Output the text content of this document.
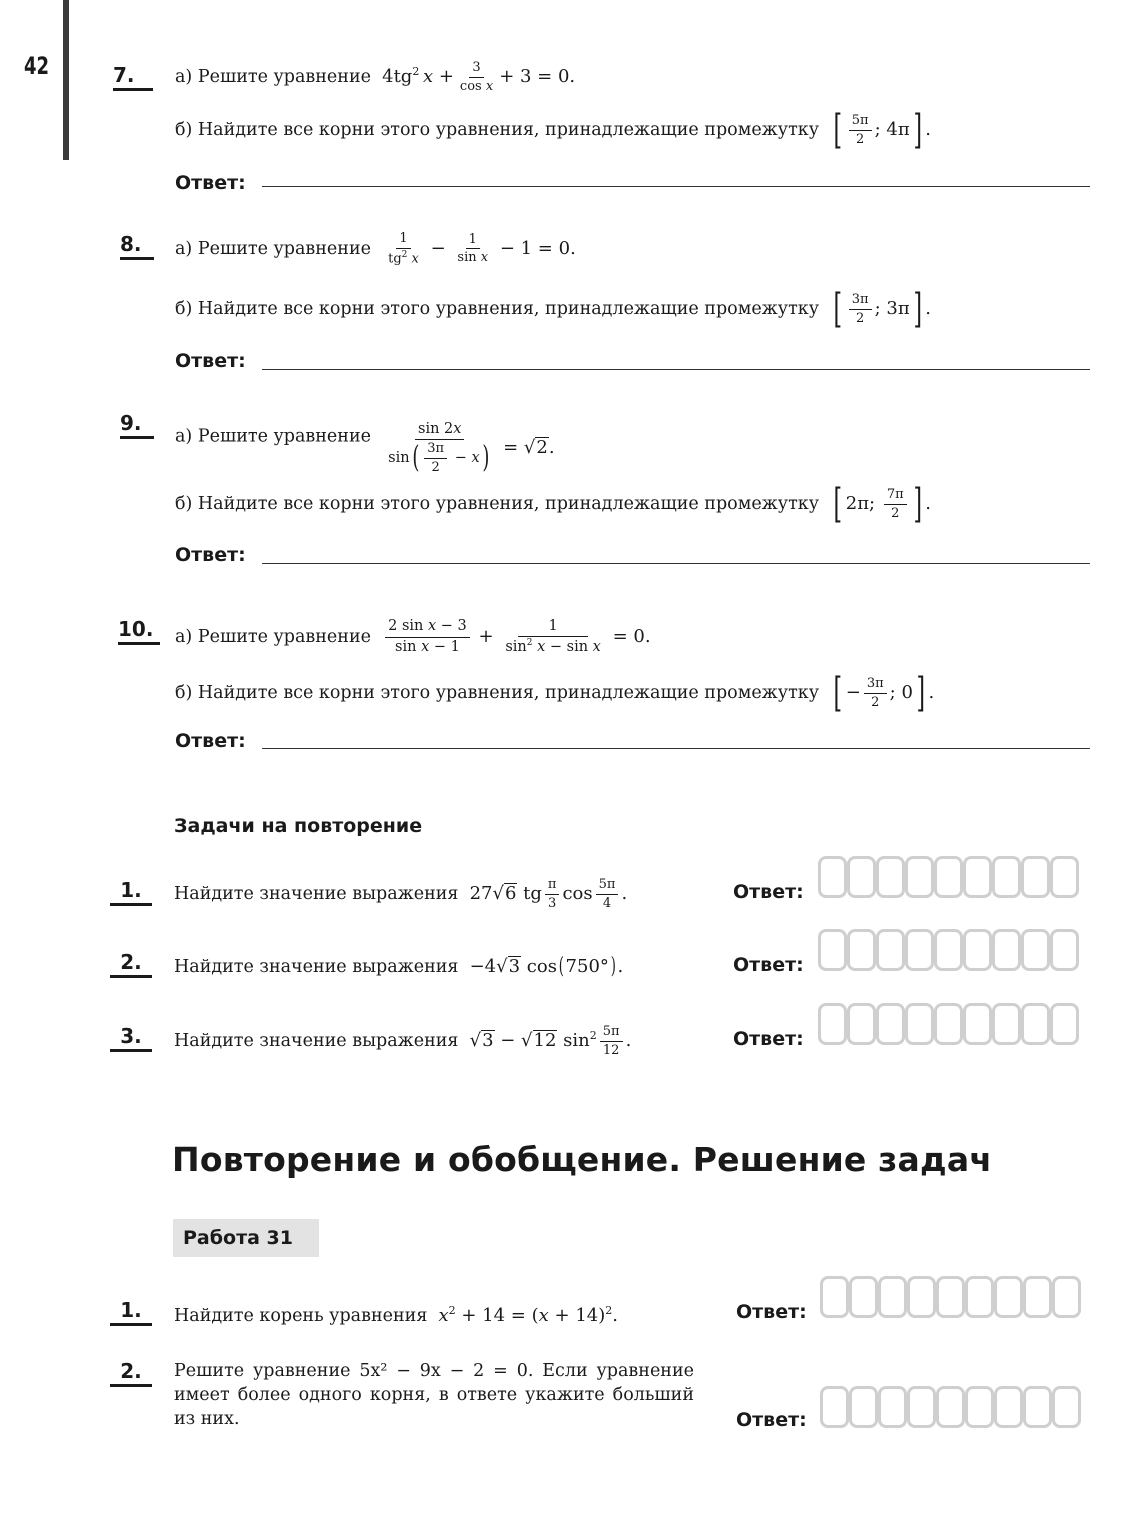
42	7.	а) Решите уравнение $4tg^2$  $x + \frac{3}{\text{cos x}} + 3 = 0$.
б) Найдите все корни этого уравнения, принадлежащие промежутку [ $\frac{5\pi}{2}$ ; 4π] .
Ответ:
8.	а) Решите уравнение $\frac{1}{tg^2 x} - \frac{1}{\text{sin x}} - 1 = 0$.
б) Найдите все корни этого уравнения, принадлежащие промежутку [ $\frac{3\pi}{2}$ ; 3π] .
Ответ:
9.
а) Решите уравнение $\frac{\sin 2x}{\sin( \frac{3\pi}{2} - x)} = √2$.
б) Найдите все корни этого уравнения, принадлежащие промежутку [ 2π; $\frac{7\pi}{2}$ ] .
Ответ:
10.	а) Решите уравнение $\frac{\text{2 sin x − 3}}{\text{sin x − 1}} + \frac{1}{\sin^2 x - \sin x} = 0$.
б) Найдите все корни этого уравнения, принадлежащие промежутку [ − $\frac{3\pi}{2}$ ; 0] .
Ответ:
Задачи на повторение
1.	Найдите значение выражения 27√6 tg $\frac{\pi}{3}$ $\cos \frac{5\pi}{4}$ .	Ответ:
2.	Найдите значение выражения −4√3 cos(750°).	Ответ:
3.	Найдите значение выражения √3 − √12 $\sin^2 \frac{5\pi}{12}$ .	Ответ:
Повторение и обобщение. Решение задач
Работа 31
1.	Найдите корень уравнения $x^2 + 14 = (x + 14)^2$.	Ответ:
2.	Решите уравнение 5x² − 9x − 2 = 0. Если уравнение имеет более одного корня, в ответе укажите больший из них.	Ответ:
